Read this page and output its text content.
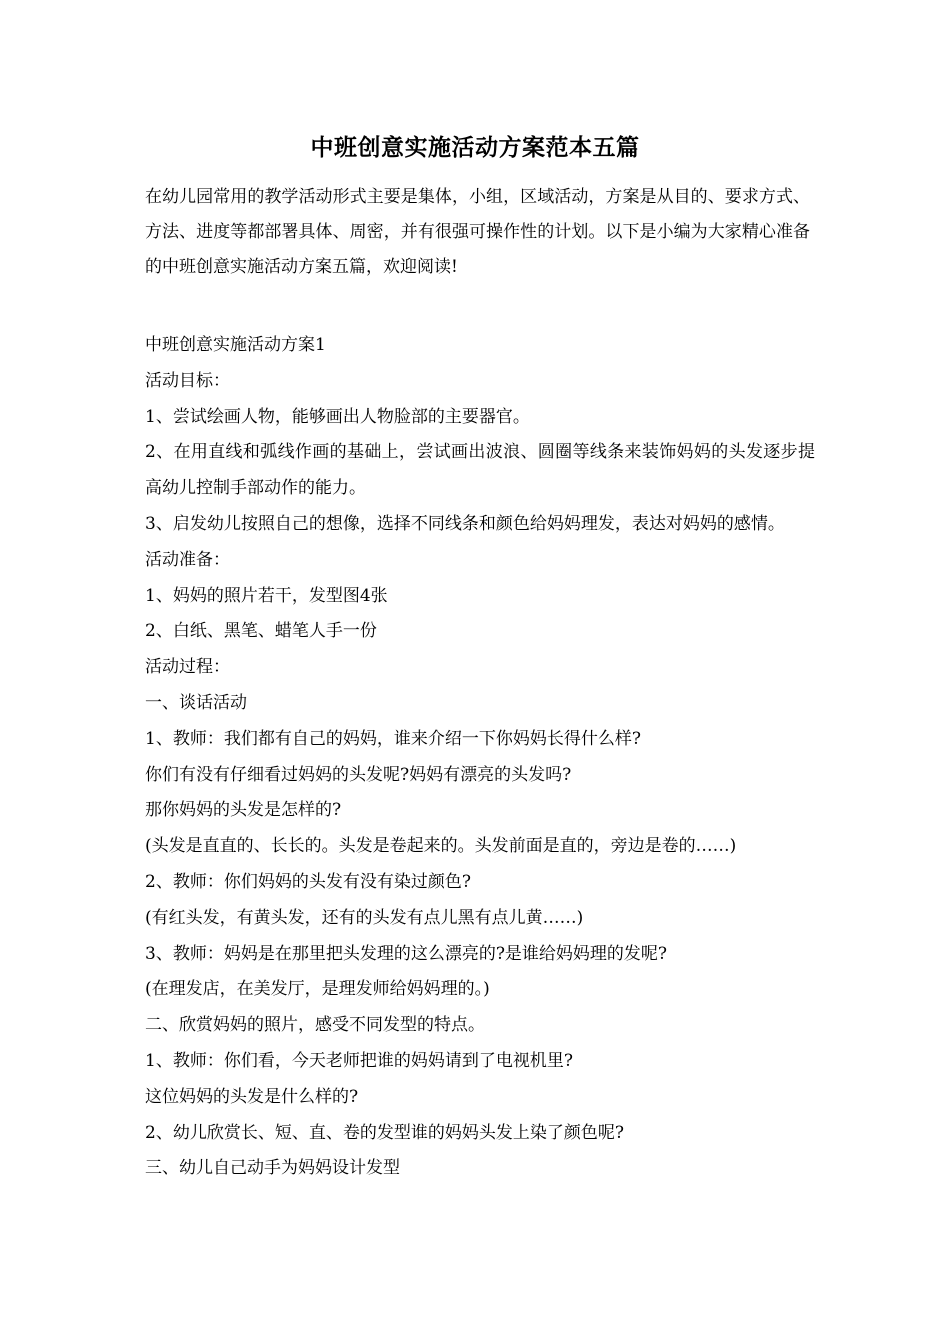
中班创意实施活动方案范本五篇
在幼儿园常用的教学活动形式主要是集体，小组，区域活动，方案是从目的、要求方式、方法、进度等都部署具体、周密，并有很强可操作性的计划。以下是小编为大家精心准备的中班创意实施活动方案五篇，欢迎阅读!
中班创意实施活动方案1
活动目标：
1、尝试绘画人物，能够画出人物脸部的主要器官。
2、在用直线和弧线作画的基础上，尝试画出波浪、圆圈等线条来装饰妈妈的头发逐步提高幼儿控制手部动作的能力。
3、启发幼儿按照自己的想像，选择不同线条和颜色给妈妈理发，表达对妈妈的感情。
活动准备：
1、妈妈的照片若干，发型图4张
2、白纸、黑笔、蜡笔人手一份
活动过程：
一、谈话活动
1、教师：我们都有自己的妈妈，谁来介绍一下你妈妈长得什么样?
你们有没有仔细看过妈妈的头发呢?妈妈有漂亮的头发吗?
那你妈妈的头发是怎样的?
(头发是直直的、长长的。头发是卷起来的。头发前面是直的，旁边是卷的……)
2、教师：你们妈妈的头发有没有染过颜色?
(有红头发，有黄头发，还有的头发有点儿黑有点儿黄……)
3、教师：妈妈是在那里把头发理的这么漂亮的?是谁给妈妈理的发呢?
(在理发店，在美发厅，是理发师给妈妈理的。)
二、欣赏妈妈的照片，感受不同发型的特点。
1、教师：你们看，今天老师把谁的妈妈请到了电视机里?
这位妈妈的头发是什么样的?
2、幼儿欣赏长、短、直、卷的发型谁的妈妈头发上染了颜色呢?
三、幼儿自己动手为妈妈设计发型
